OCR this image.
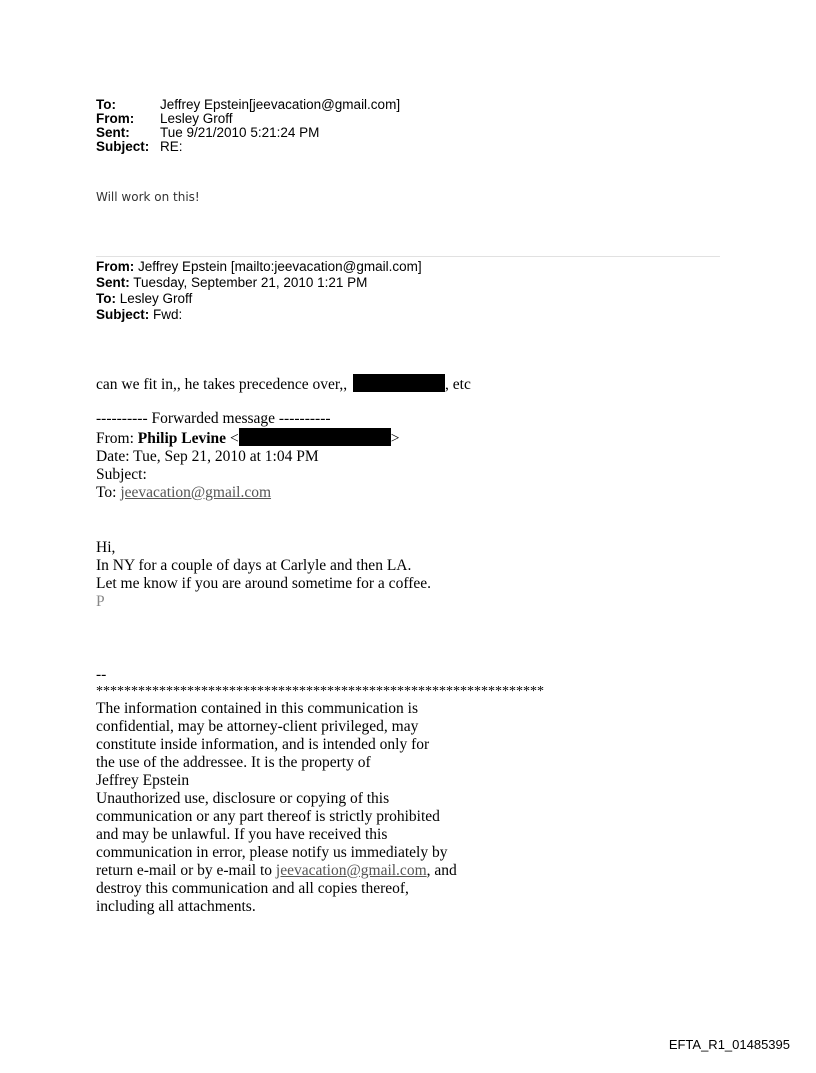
To:	Jeffrey Epstein[jeevacation@gmail.com]
From:	Lesley Groff
Sent:	Tue 9/21/2010 5:21:24 PM
Subject: RE:
Will work on this!
From: Jeffrey Epstein [mailto:jeevacation@gmail.com]
Sent: Tuesday, September 21, 2010 1:21 PM
To: Lesley Groff
Subject: Fwd:
can we fit in,, he takes precedence over,,	, etc
---------- Forwarded message ----------
From: Philip Levine <	>
Date: Tue, Sep 21, 2010 at 1:04 PM
Subject:
To: jeevacation@gmail.com
Hi,
In NY for a couple of days at Carlyle and then LA.
Let me know if you are around sometime for a coffee.
P
--
****************************************************************
The information contained in this communication is
confidential, may be attorney-client privileged, may
constitute inside information, and is intended only for
the use of the addressee. It is the property of
Jeffrey Epstein
Unauthorized use, disclosure or copying of this
communication or any part thereof is strictly prohibited
and may be unlawful. If you have received this
communication in error, please notify us immediately by
return e-mail or by e-mail to jeevacation@gmail.com, and
destroy this communication and all copies thereof,
including all attachments.
EFTA_R1_01485395
